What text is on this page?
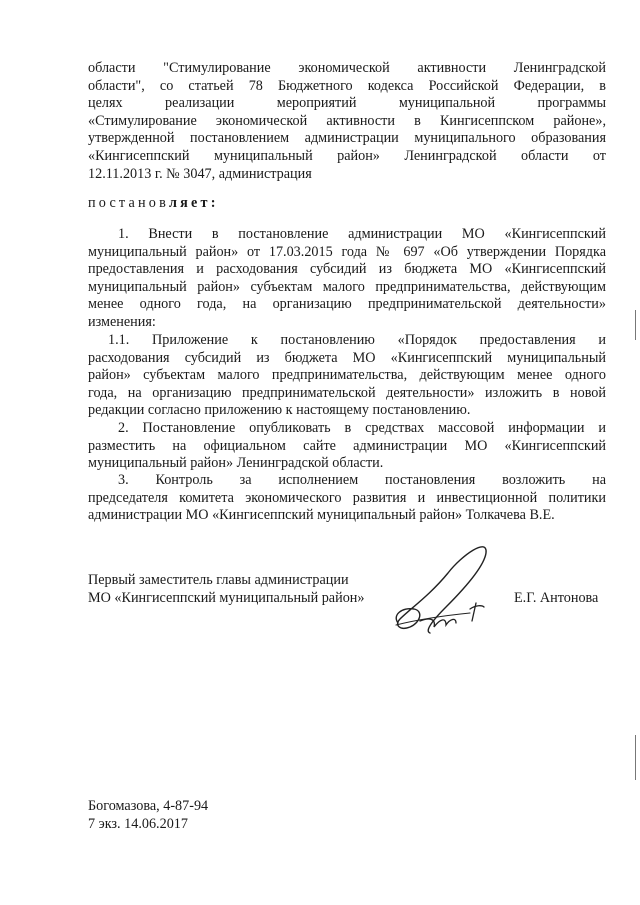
области "Стимулирование экономической активности Ленинградской
области", со статьей 78 Бюджетного кодекса Российской Федерации, в
целях реализации мероприятий муниципальной программы
«Стимулирование экономической активности в Кингисеппском районе»,
утвержденной постановлением администрации муниципального образования
«Кингисеппский муниципальный район» Ленинградской области от
12.11.2013 г. № 3047, администрация
постановляет:
1. Внести в постановление администрации МО «Кингисеппский
муниципальный район» от 17.03.2015 года № 697 «Об утверждении Порядка
предоставления и расходования субсидий из бюджета МО «Кингисеппский
муниципальный район» субъектам малого предпринимательства, действующим
менее одного года, на организацию предпринимательской деятельности»
изменения:
1.1. Приложение к постановлению «Порядок предоставления и
расходования субсидий из бюджета МО «Кингисеппский муниципальный
район» субъектам малого предпринимательства, действующим менее одного
года, на организацию предпринимательской деятельности» изложить в новой
редакции согласно приложению к настоящему постановлению.
2. Постановление опубликовать в средствах массовой информации и
разместить на официальном сайте администрации МО «Кингисеппский
муниципальный район» Ленинградской области.
3. Контроль за исполнением постановления возложить на
председателя комитета экономического развития и инвестиционной политики
администрации МО «Кингисеппский муниципальный район» Толкачева В.Е.
Первый заместитель главы администрации
МО «Кингисеппский муниципальный район»	Е.Г. Антонова
Богомазова, 4-87-94
7 экз. 14.06.2017
